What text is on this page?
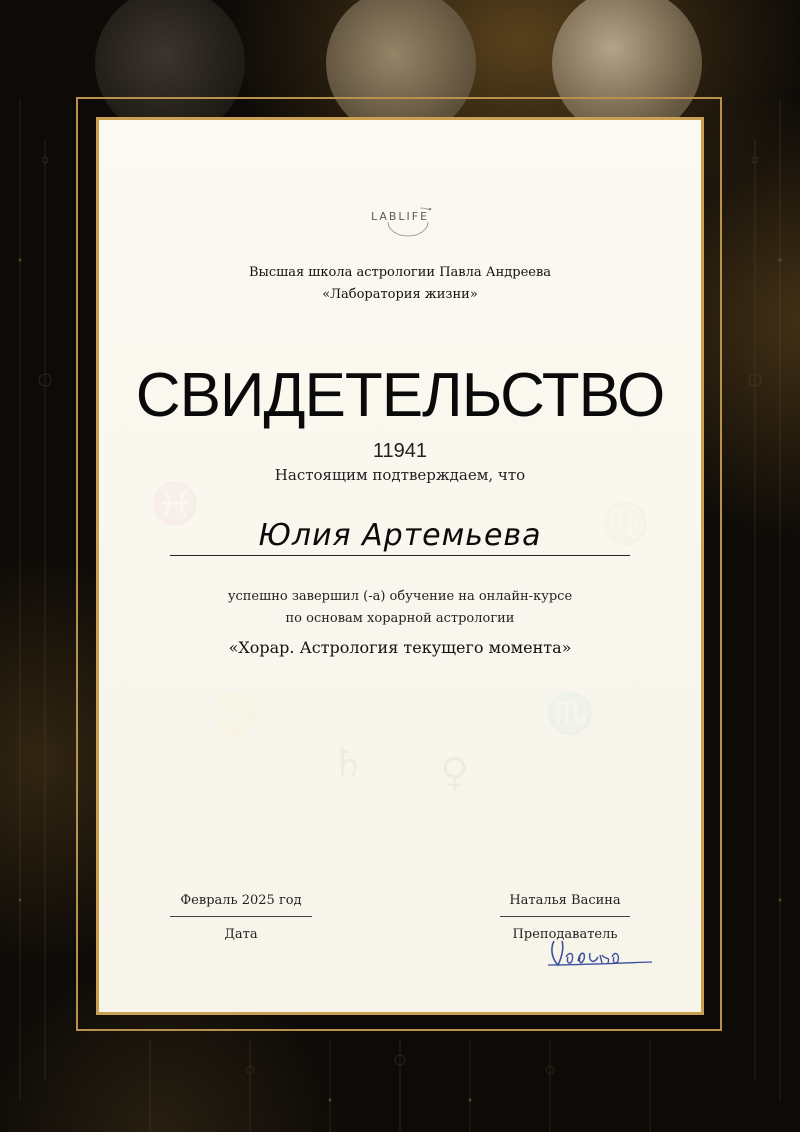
LABLIFE
Высшая школа астрологии Павла Андреева
«Лаборатория жизни»
СВИДЕТЕЛЬСТВО
11941
Настоящим подтверждаем, что
Юлия Артемьева
успешно завершил (-а) обучение на онлайн-курсе
по основам хорарной астрологии
«Хорар. Астрология текущего момента»
Февраль 2025 год
Дата
Наталья Васина
Преподаватель
